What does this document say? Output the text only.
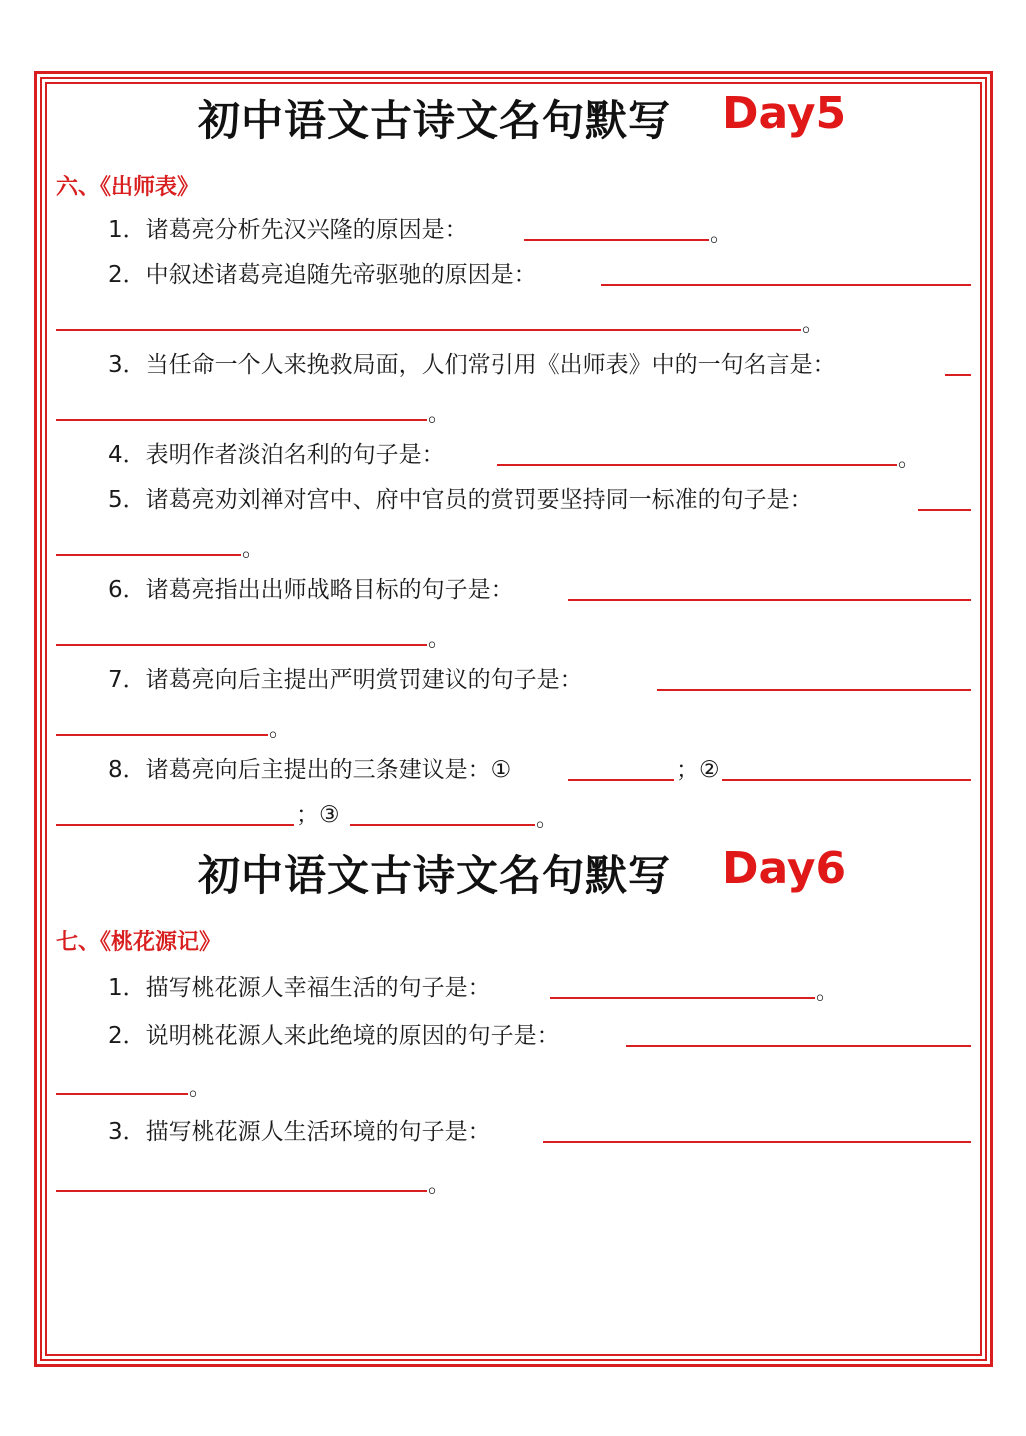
初中语文古诗文名句默写 Day5
六、《出师表》
1．诸葛亮分析先汉兴隆的原因是：	。
2．中叙述诸葛亮追随先帝驱驰的原因是：
。
3．当任命一个人来挽救局面，人们常引用《出师表》中的一句名言是：
。
4．表明作者淡泊名利的句子是：	。
5．诸葛亮劝刘禅对宫中、府中官员的赏罚要坚持同一标准的句子是：
。
6．诸葛亮指出出师战略目标的句子是：
。
7．诸葛亮向后主提出严明赏罚建议的句子是：
。
8．诸葛亮向后主提出的三条建议是：①	；②
；③	。
初中语文古诗文名句默写 Day6
七、《桃花源记》
1．描写桃花源人幸福生活的句子是：	。
2．说明桃花源人来此绝境的原因的句子是：
。
3．描写桃花源人生活环境的句子是：
。
